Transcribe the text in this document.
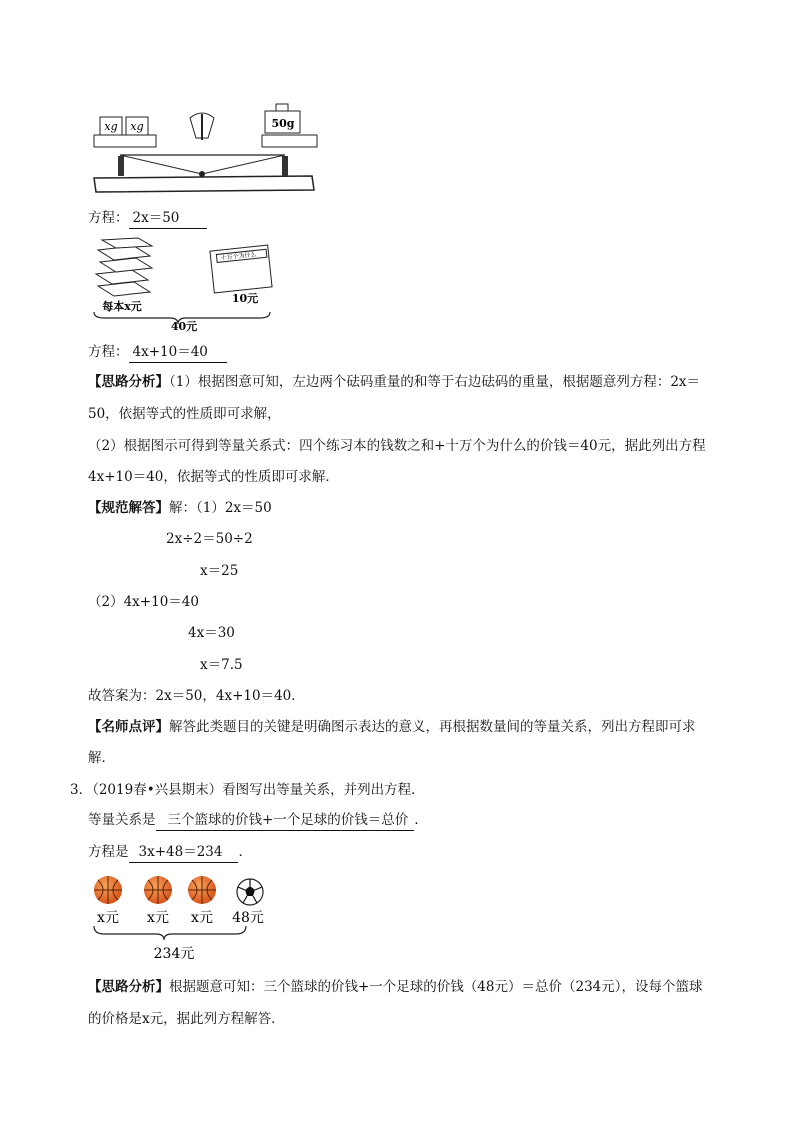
xg xg	50g
方程： 2x＝50
十万个为什么
每本x元
10元
40元
方程： 4x+10＝40
【思路分析】（1）根据图意可知，左边两个砝码重量的和等于右边砝码的重量，根据题意列方程：2x＝
50，依据等式的性质即可求解，
（2）根据图示可得到等量关系式：四个练习本的钱数之和+十万个为什么的价钱＝40元，据此列出方程
4x+10＝40，依据等式的性质即可求解．
【规范解答】解：（1）2x＝50
2x÷2＝50÷2
x＝25
（2）4x+10＝40
4x＝30
x＝7.5
故答案为：2x＝50，4x+10＝40．
【名师点评】解答此类题目的关键是明确图示表达的意义，再根据数量间的等量关系，列出方程即可求
解．
3．（2019春•兴县期末）看图写出等量关系，并列出方程．
等量关系是 三个篮球的价钱+一个足球的价钱＝总价 ．
方程是 3x+48＝234 ．
x元 x元 x元 48元
234元
【思路分析】根据题意可知：三个篮球的价钱+一个足球的价钱（48元）＝总价（234元），设每个篮球
的价格是x元，据此列方程解答．
